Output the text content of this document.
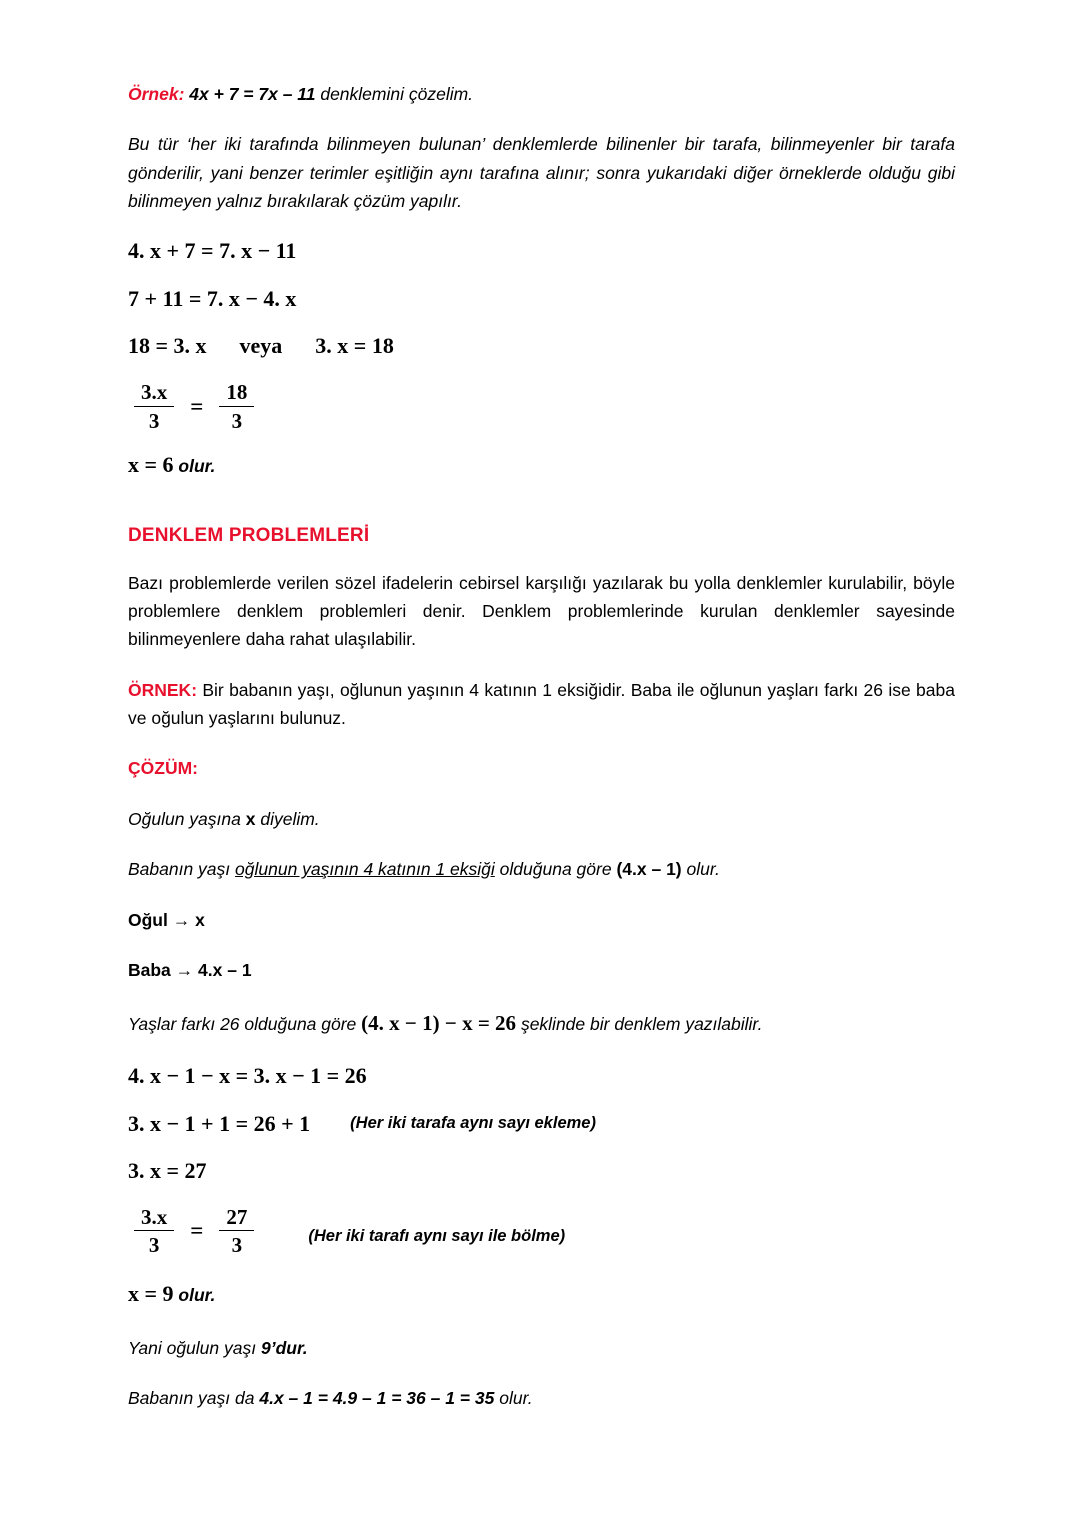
Örnek: 4x + 7 = 7x – 11 denklemini çözelim.

Bu tür ‘her iki tarafında bilinmeyen bulunan’ denklemlerde bilinenler bir tarafa, bilinmeyenler bir tarafa gönderilir, yani benzer terimler eşitliğin aynı tarafına alınır; sonra yukarıdaki diğer örneklerde olduğu gibi bilinmeyen yalnız bırakılarak çözüm yapılır.

4. x + 7 = 7. x − 11
7 + 11 = 7. x − 4. x
18 = 3. x      veya      3. x = 18
$\frac{3.x}{3} = \frac{18}{3}$

x = 6 olur.

DENKLEM PROBLEMLERİ

Bazı problemlerde verilen sözel ifadelerin cebirsel karşılığı yazılarak bu yolla denklemler kurulabilir, böyle problemlere denklem problemleri denir. Denklem problemlerinde kurulan denklemler sayesinde bilinmeyenlere daha rahat ulaşılabilir.

ÖRNEK: Bir babanın yaşı, oğlunun yaşının 4 katının 1 eksiğidir. Baba ile oğlunun yaşları farkı 26 ise baba ve oğulun yaşlarını bulunuz.

ÇÖZÜM:

Oğulun yaşına x diyelim.

Babanın yaşı oğlunun yaşının 4 katının 1 eksiği olduğuna göre (4.x – 1) olur.

Oğul → x

Baba → 4.x – 1

Yaşlar farkı 26 olduğuna göre (4. x − 1) − x = 26 şeklinde bir denklem yazılabilir.

4. x − 1 − x = 3. x − 1 = 26
3. x − 1 + 1 = 26 + 1 (Her iki tarafa aynı sayı ekleme)
3. x = 27
$\frac{3.x}{3} = \frac{27}{3}$	(Her iki tarafı aynı sayı ile bölme)

x = 9 olur.

Yani oğulun yaşı 9’dur.

Babanın yaşı da 4.x – 1 = 4.9 – 1 = 36 – 1 = 35 olur.
